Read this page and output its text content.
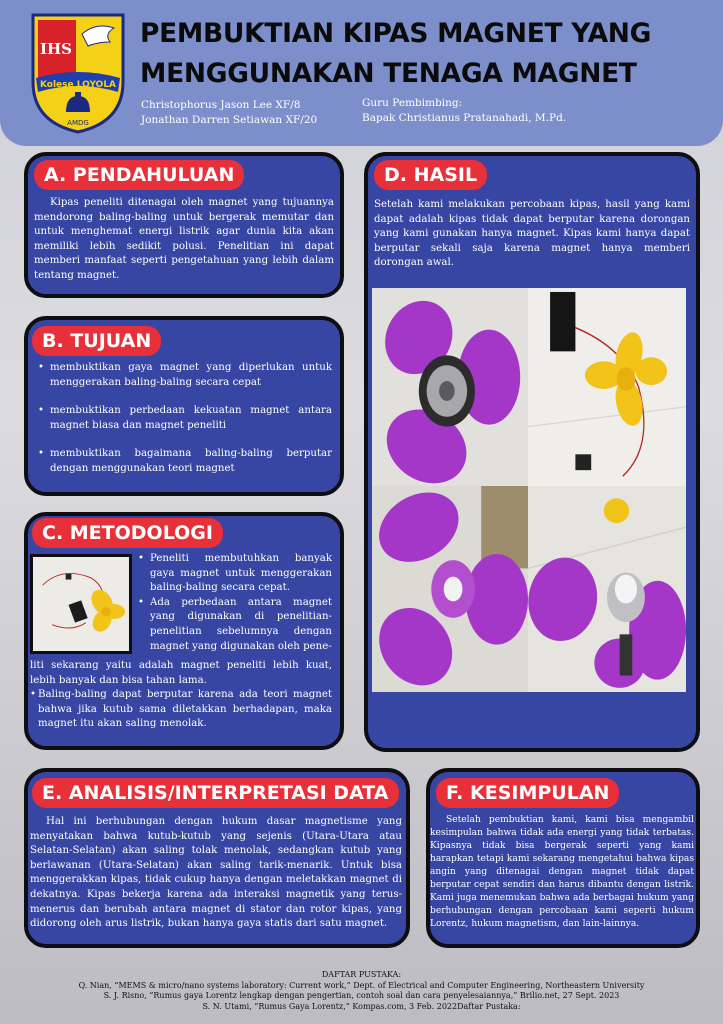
IHS
Kolese LOYOLA
AMDG
PEMBUKTIAN KIPAS MAGNET YANG
MENGGUNAKAN TENAGA MAGNET
Christophorus Jason Lee XF/8
Jonathan Darren Setiawan XF/20
Guru Pembimbing:
Bapak Christianus Pratanahadi, M.Pd.
A. PENDAHULUAN

Kipas peneliti ditenagai oleh magnet yang tujuannya mendorong baling-baling untuk bergerak memutar dan untuk menghemat energi listrik agar dunia kita akan memiliki lebih sedikit polusi. Penelitian ini dapat memberi manfaat seperti pengetahuan yang lebih dalam tentang magnet.

B. TUJUAN
• membuktikan gaya magnet yang diperlukan untuk menggerakan baling-baling secara cepat
• membuktikan perbedaan kekuatan magnet antara magnet biasa dan magnet peneliti
• membuktikan bagaimana baling-baling berputar dengan menggunakan teori magnet
C. METODOLOGI
• Peneliti membutuhkan banyak gaya magnet untuk menggerakan baling-baling secara cepat.
• Ada perbedaan antara magnet yang digunakan di penelitian-penelitian sebelumnya dengan magnet yang digunakan oleh pene-
liti sekarang yaitu adalah magnet peneliti lebih kuat, lebih banyak dan bisa tahan lama.
• Baling-baling dapat berputar karena ada teori magnet bahwa jika kutub sama diletakkan berhadapan, maka magnet itu akan saling menolak.
D. HASIL

Setelah kami melakukan percobaan kipas, hasil yang kami dapat adalah kipas tidak dapat berputar karena dorongan yang kami gunakan hanya magnet. Kipas kami hanya dapat berputar sekali saja karena magnet hanya memberi dorongan awal.

E. ANALISIS/INTERPRETASI DATA

Hal ini berhubungan dengan hukum dasar magnetisme yang menyatakan bahwa kutub-kutub yang sejenis (Utara-Utara atau Selatan-Selatan) akan saling tolak menolak, sedangkan kutub yang berlawanan (Utara-Selatan) akan saling tarik-menarik. Untuk bisa menggerakkan kipas, tidak cukup hanya dengan meletakkan magnet di dekatnya. Kipas bekerja karena ada interaksi magnetik yang terus-menerus dan berubah antara magnet di stator dan rotor kipas, yang didorong oleh arus listrik, bukan hanya gaya statis dari satu magnet.

F. KESIMPULAN

Setelah pembuktian kami, kami bisa mengambil kesimpulan bahwa tidak ada energi yang tidak terbatas. Kipasnya tidak bisa bergerak seperti yang kami harapkan tetapi kami sekarang mengetahui bahwa kipas angin yang ditenagai dengan magnet tidak dapat berputar cepat sendiri dan harus dibantu dengan listrik. Kami juga menemukan bahwa ada berbagai hukum yang berhubungan dengan percobaan kami seperti hukum Lorentz, hukum magnetism, dan lain-lainnya.

DAFTAR PUSTAKA:
Q. Nian, “MEMS & micro/nano systems laboratory: Current work,” Dept. of Electrical and Computer Engineering, Northeastern University
S. J. Risno, “Rumus gaya Lorentz lengkap dengan pengertian, contoh soal dan cara penyelesaiannya,” Brilio.net, 27 Sept. 2023
S. N. Utami, “Rumus Gaya Lorentz,” Kompas.com, 3 Feb. 2022Daftar Pustaka:
